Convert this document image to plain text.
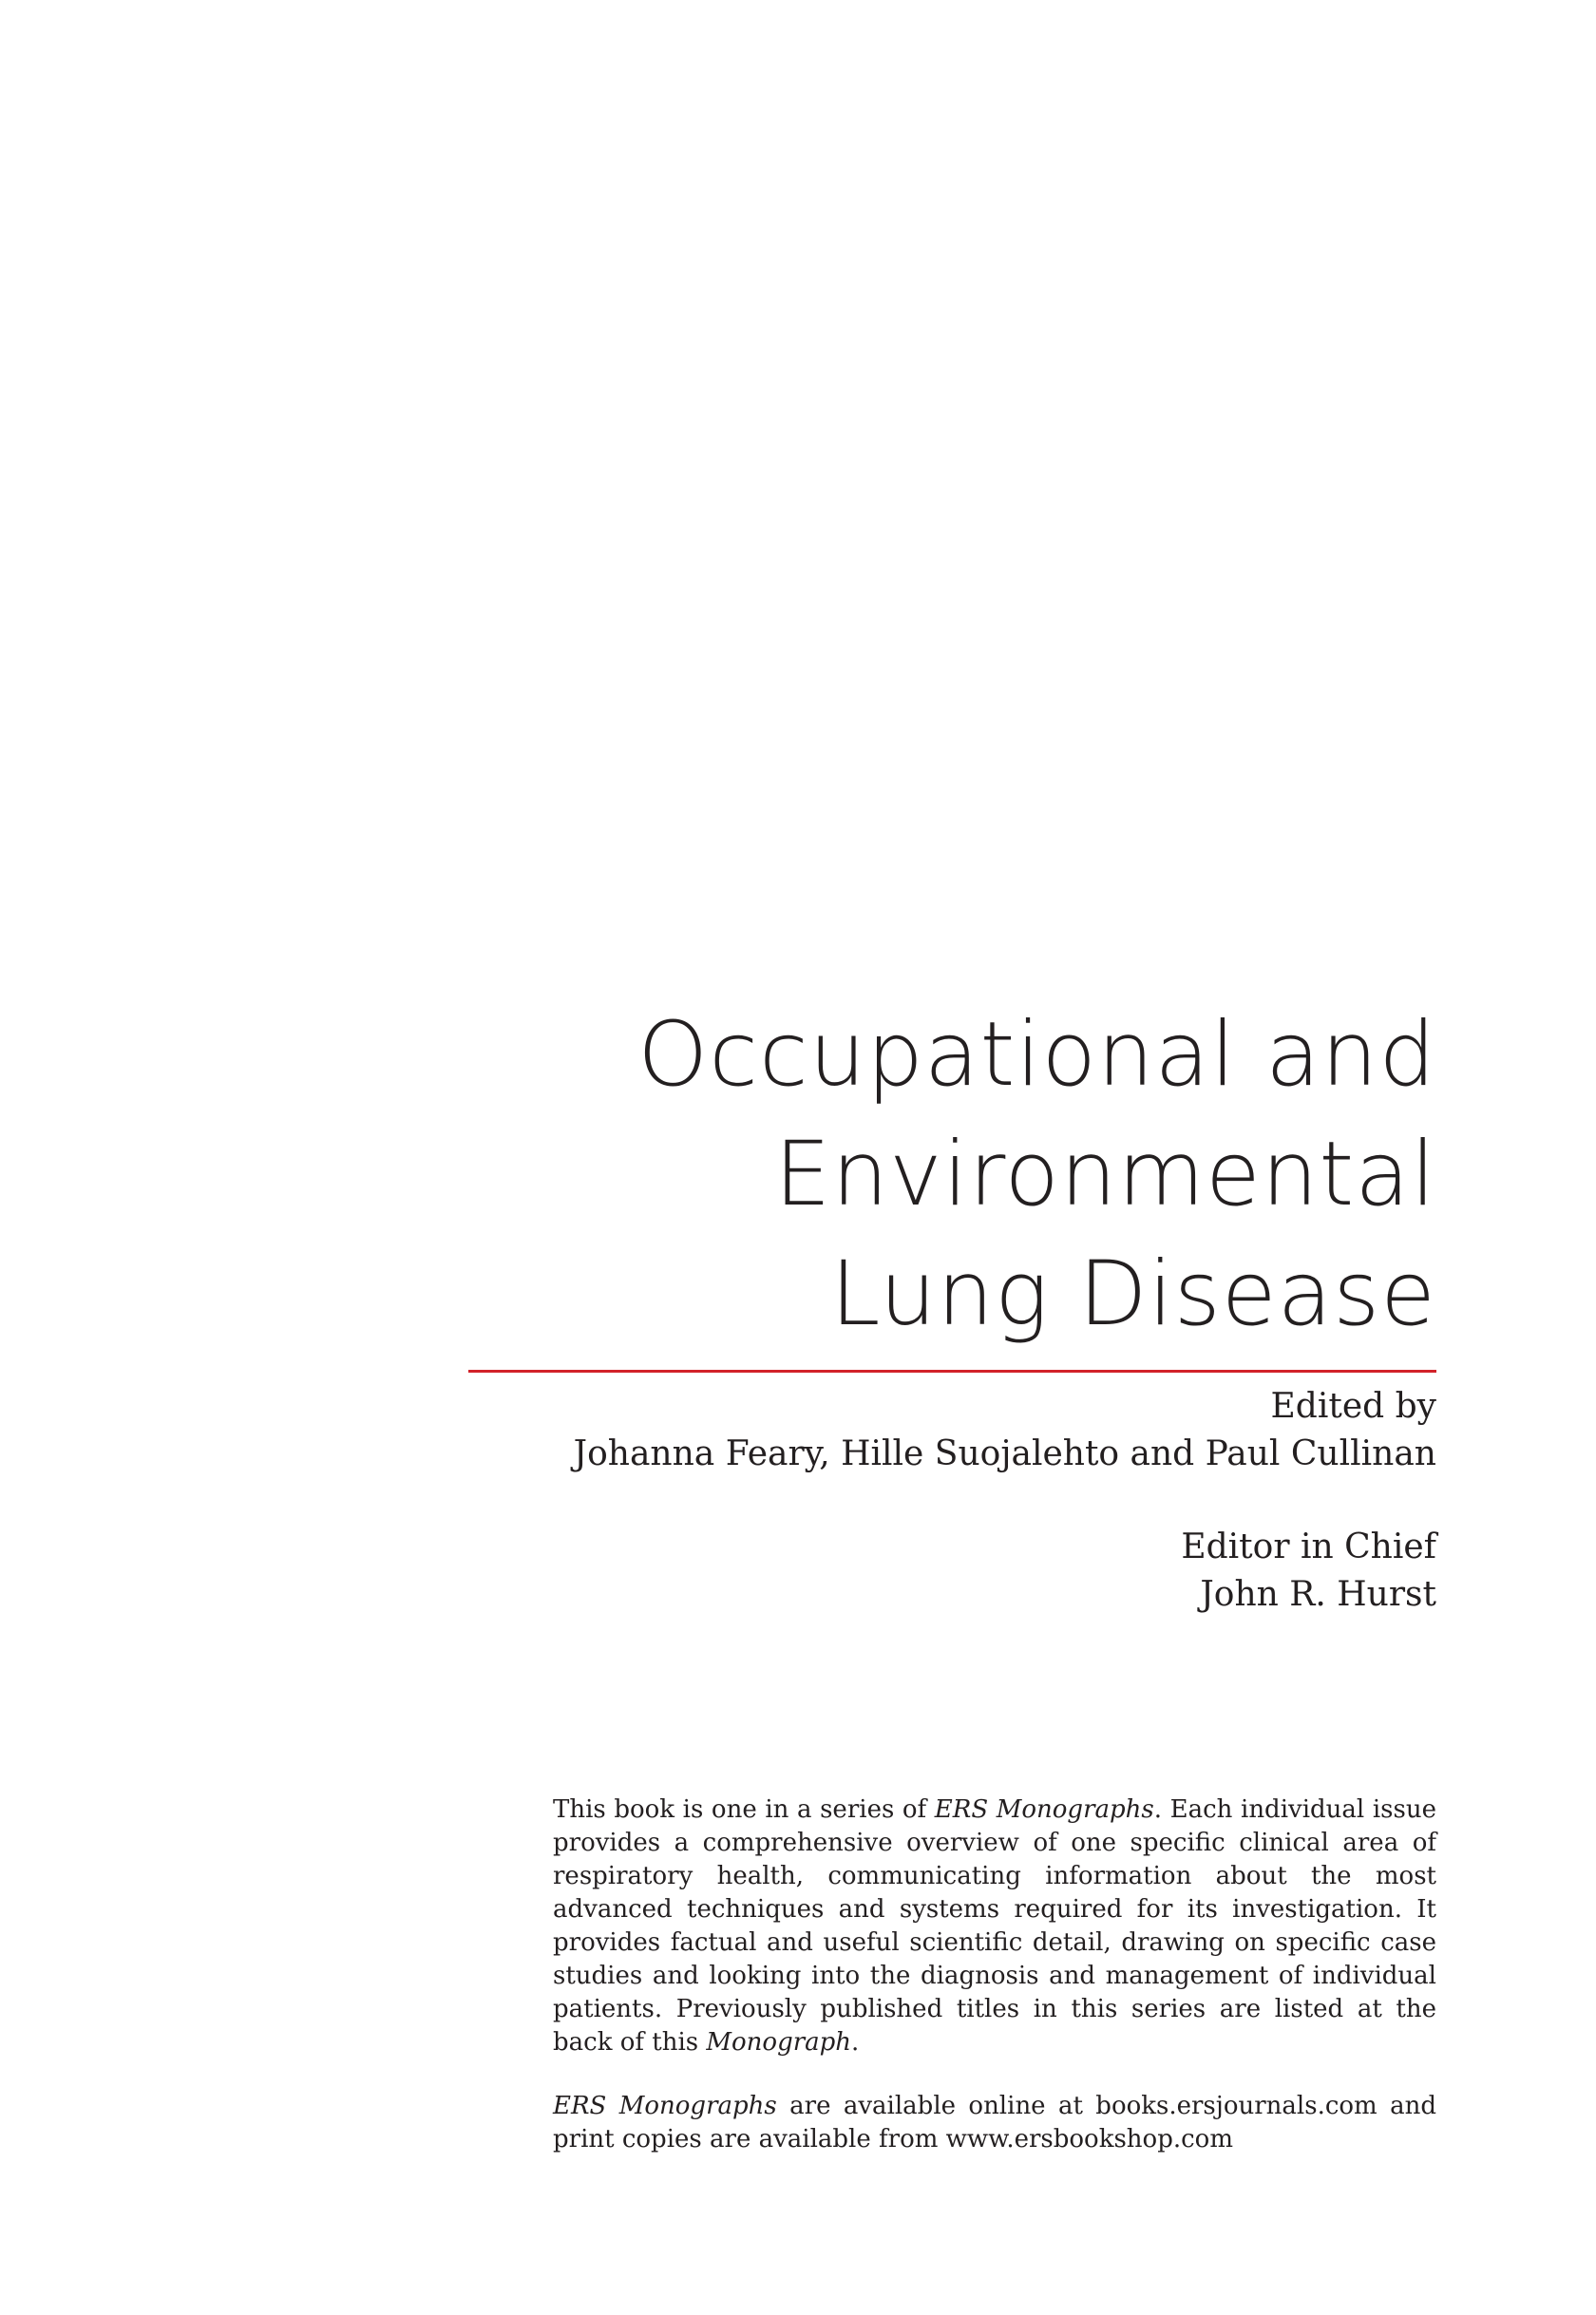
Occupational and
Environmental
Lung Disease
Edited by
Johanna Feary, Hille Suojalehto and Paul Cullinan
Editor in Chief
John R. Hurst

This book is one in a series of ERS Monographs. Each individual issue provides a comprehensive overview of one specific clinical area of respiratory health, communicating information about the most advanced techniques and systems required for its investigation. It provides factual and useful scientific detail, drawing on specific case studies and looking into the diagnosis and management of individual patients. Previously published titles in this series are listed at the back of this Monograph.

ERS Monographs are available online at books.ersjournals.com and print copies are available from www.ersbookshop.com
